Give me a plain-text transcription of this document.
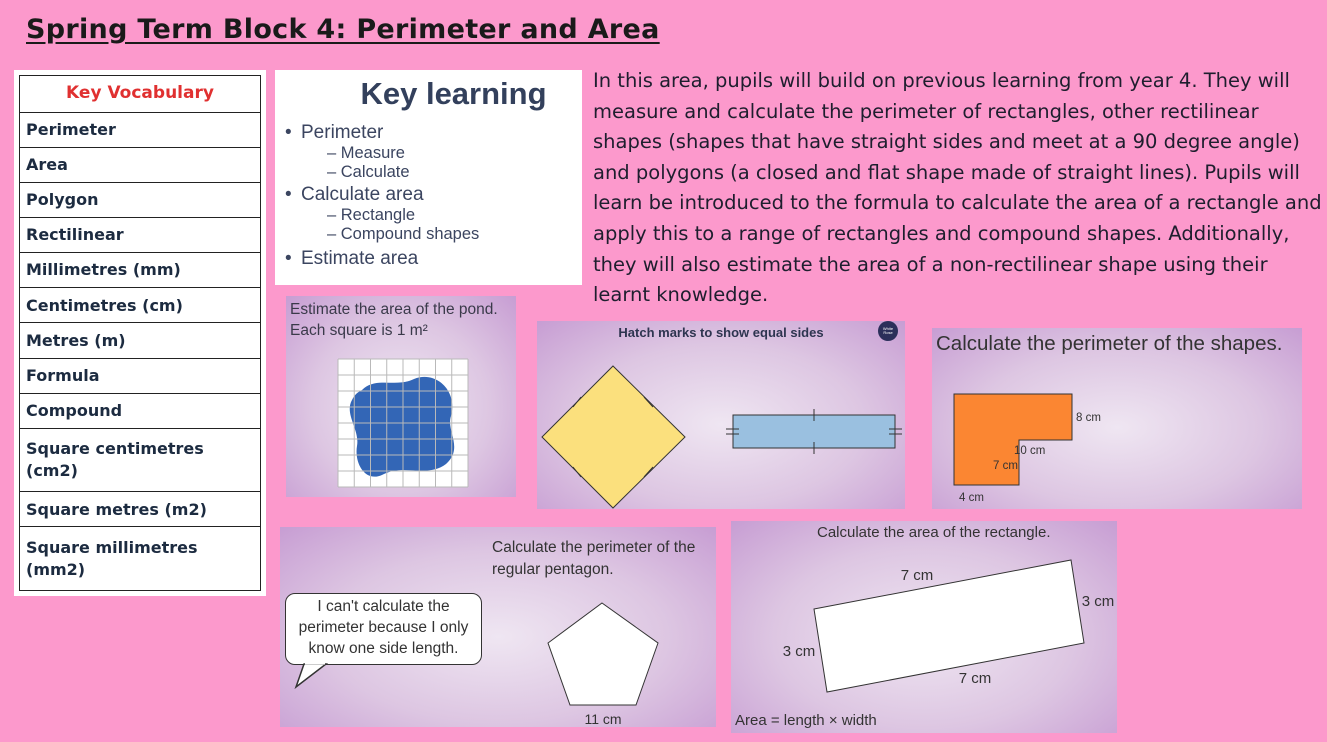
Spring Term Block 4: Perimeter and Area
Key Vocabulary
Perimeter
Area
Polygon
Rectilinear
Millimetres (mm)
Centimetres (cm)
Metres (m)
Formula
Compound
Square centimetres (cm2)
Square metres (m2)
Square millimetres (mm2)
Key learning
• Perimeter
– Measure
– Calculate
• Calculate area
– Rectangle
– Compound shapes
• Estimate area
In this area, pupils will build on previous learning from year 4. They will measure and calculate the perimeter of rectangles, other rectilinear shapes (shapes that have straight sides and meet at a 90 degree angle) and polygons (a closed and flat shape made of straight lines). Pupils will learn be introduced to the formula to calculate the area of a rectangle and apply this to a range of rectangles and compound shapes. Additionally, they will also estimate the area of a non-rectilinear shape using their learnt knowledge.
Estimate the area of the pond.
Each square is 1 m²	Hatch marks to show equal sides	White
Rose Calculate the perimeter of the shapes.
8 cm
10 cm
7 cm
4 cm
Calculate the perimeter of the
regular pentagon.
I can't calculate the perimeter because I only know one side length.
11 cm
Calculate the area of the rectangle.
7 cm
3 cm
3 cm
7 cm
Area = length × width
